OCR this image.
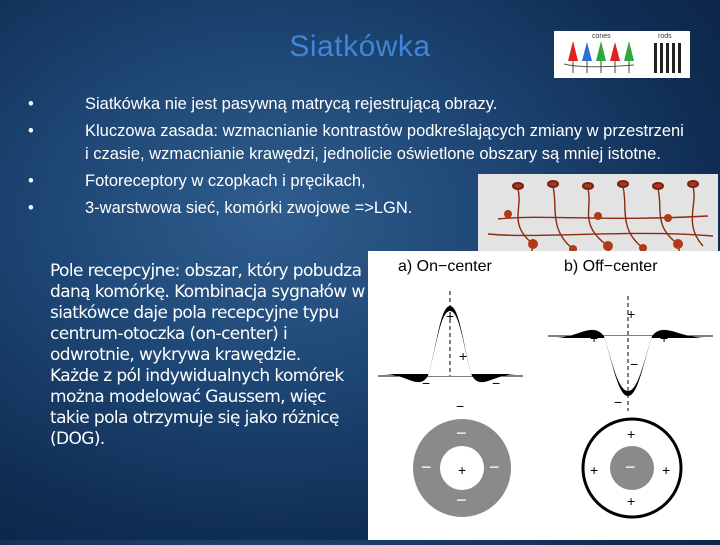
Siatkówka
•	Siatkówka nie jest pasywną matrycą rejestrującą obrazy.
•	Kluczowa zasada: wzmacnianie kontrastów podkreślających zmiany w przestrzeni i czasie, wzmacnianie krawędzi, jednolicie oświetlone obszary są mniej istotne.
•	Fotoreceptory w czopkach i pręcikach,
•	3-warstwowa sieć, komórki zwojowe =>LGN.

Pole recepcyjne: obszar, który pobudza daną komórkę. Kombinacja sygnałów w siatkówce daje pola recepcyjne typu centrum-otoczka (on-center) i odwrotnie, wykrywa krawędzie.

Każde z pól indywidualnych komórek można modelować Gaussem, więc takie pola otrzymuje się jako różnicę (DOG).

cones	rods
a) On−center	b) Off−center
+
+
−	−
−
+
+	+
−
−
+
−
−
−	−	−
+
+
+	+
